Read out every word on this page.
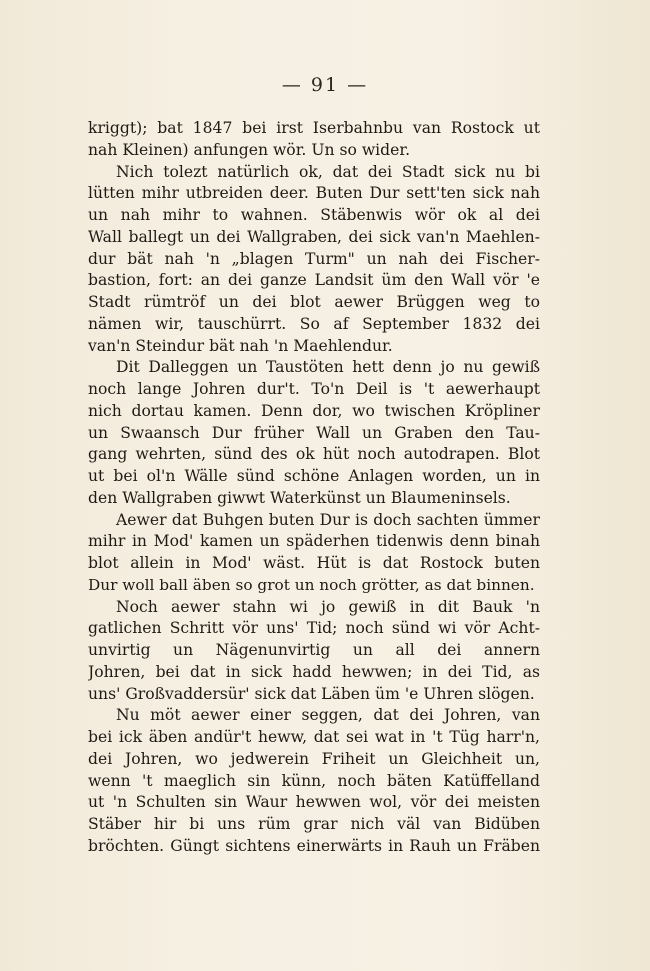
— 91 —
kriggt); bat 1847 bei irst Iserbahnbu van Rostock ut
nah Kleinen) anfungen wör. Un so wider.
Nich tolezt natürlich ok, dat dei Stadt sick nu bi
lütten mihr utbreiden deer. Buten Dur sett'ten sick nah
un nah mihr to wahnen. Stäbenwis wör ok al dei
Wall ballegt un dei Wallgraben, dei sick van'n Maehlen-
dur bät nah 'n „blagen Turm" un nah dei Fischer-
bastion, fort: an dei ganze Landsit üm den Wall vör 'e
Stadt rümtröf un dei blot aewer Brüggen weg to
nämen wir, tauschürrt. So af September 1832 dei
van'n Steindur bät nah 'n Maehlendur.
Dit Dalleggen un Taustöten hett denn jo nu gewiß
noch lange Johren dur't. To'n Deil is 't aewerhaupt
nich dortau kamen. Denn dor, wo twischen Kröpliner
un Swaansch Dur früher Wall un Graben den Tau-
gang wehrten, sünd des ok hüt noch autodrapen. Blot
ut bei ol'n Wälle sünd schöne Anlagen worden, un in
den Wallgraben giwwt Waterkünst un Blaumeninsels.
Aewer dat Buhgen buten Dur is doch sachten ümmer
mihr in Mod' kamen un späderhen tidenwis denn binah
blot allein in Mod' wäst. Hüt is dat Rostock buten
Dur woll ball äben so grot un noch grötter, as dat binnen.
Noch aewer stahn wi jo gewiß in dit Bauk 'n
gatlichen Schritt vör uns' Tid; noch sünd wi vör Acht-
unvirtig un Nägenunvirtig un all dei annern
Johren, bei dat in sick hadd hewwen; in dei Tid, as
uns' Großvaddersür' sick dat Läben üm 'e Uhren slögen.
Nu möt aewer einer seggen, dat dei Johren, van
bei ick äben andür't heww, dat sei wat in 't Tüg harr'n,
dei Johren, wo jedwerein Friheit un Gleichheit un,
wenn 't maeglich sin künn, noch bäten Katüffelland
ut 'n Schulten sin Waur hewwen wol, vör dei meisten
Stäber hir bi uns rüm grar nich väl van Bidüben
bröchten. Güngt sichtens einerwärts in Rauh un Fräben
